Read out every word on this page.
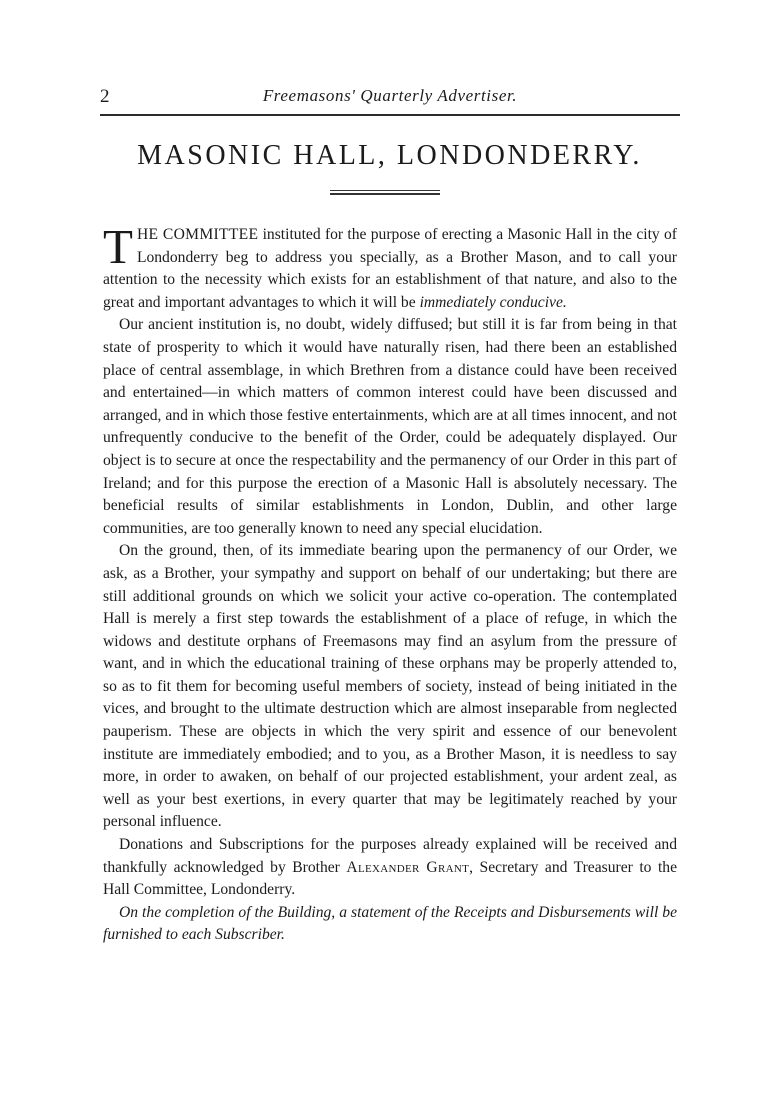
2	Freemasons' Quarterly Advertiser.
MASONIC HALL, LONDONDERRY.

THE COMMITTEE instituted for the purpose of erecting a Masonic Hall in the city of Londonderry beg to address you specially, as a Brother Mason, and to call your attention to the necessity which exists for an establishment of that nature, and also to the great and important advantages to which it will be immediately conducive.

Our ancient institution is, no doubt, widely diffused; but still it is far from being in that state of prosperity to which it would have naturally risen, had there been an established place of central assemblage, in which Brethren from a distance could have been received and entertained—in which matters of common interest could have been discussed and arranged, and in which those festive entertainments, which are at all times innocent, and not unfrequently conducive to the benefit of the Order, could be adequately displayed. Our object is to secure at once the respectability and the permanency of our Order in this part of Ireland; and for this purpose the erection of a Masonic Hall is absolutely necessary. The beneficial results of similar establishments in London, Dublin, and other large communities, are too generally known to need any special elucidation.

On the ground, then, of its immediate bearing upon the permanency of our Order, we ask, as a Brother, your sympathy and support on behalf of our undertaking; but there are still additional grounds on which we solicit your active co-operation. The contemplated Hall is merely a first step towards the establishment of a place of refuge, in which the widows and destitute orphans of Freemasons may find an asylum from the pressure of want, and in which the educational training of these orphans may be properly attended to, so as to fit them for becoming useful members of society, instead of being initiated in the vices, and brought to the ultimate destruction which are almost inseparable from neglected pauperism. These are objects in which the very spirit and essence of our benevolent institute are immediately embodied; and to you, as a Brother Mason, it is needless to say more, in order to awaken, on behalf of our projected establishment, your ardent zeal, as well as your best exertions, in every quarter that may be legitimately reached by your personal influence.

Donations and Subscriptions for the purposes already explained will be received and thankfully acknowledged by Brother Alexander Grant, Secretary and Treasurer to the Hall Committee, Londonderry.

On the completion of the Building, a statement of the Receipts and Disbursements will be furnished to each Subscriber.
